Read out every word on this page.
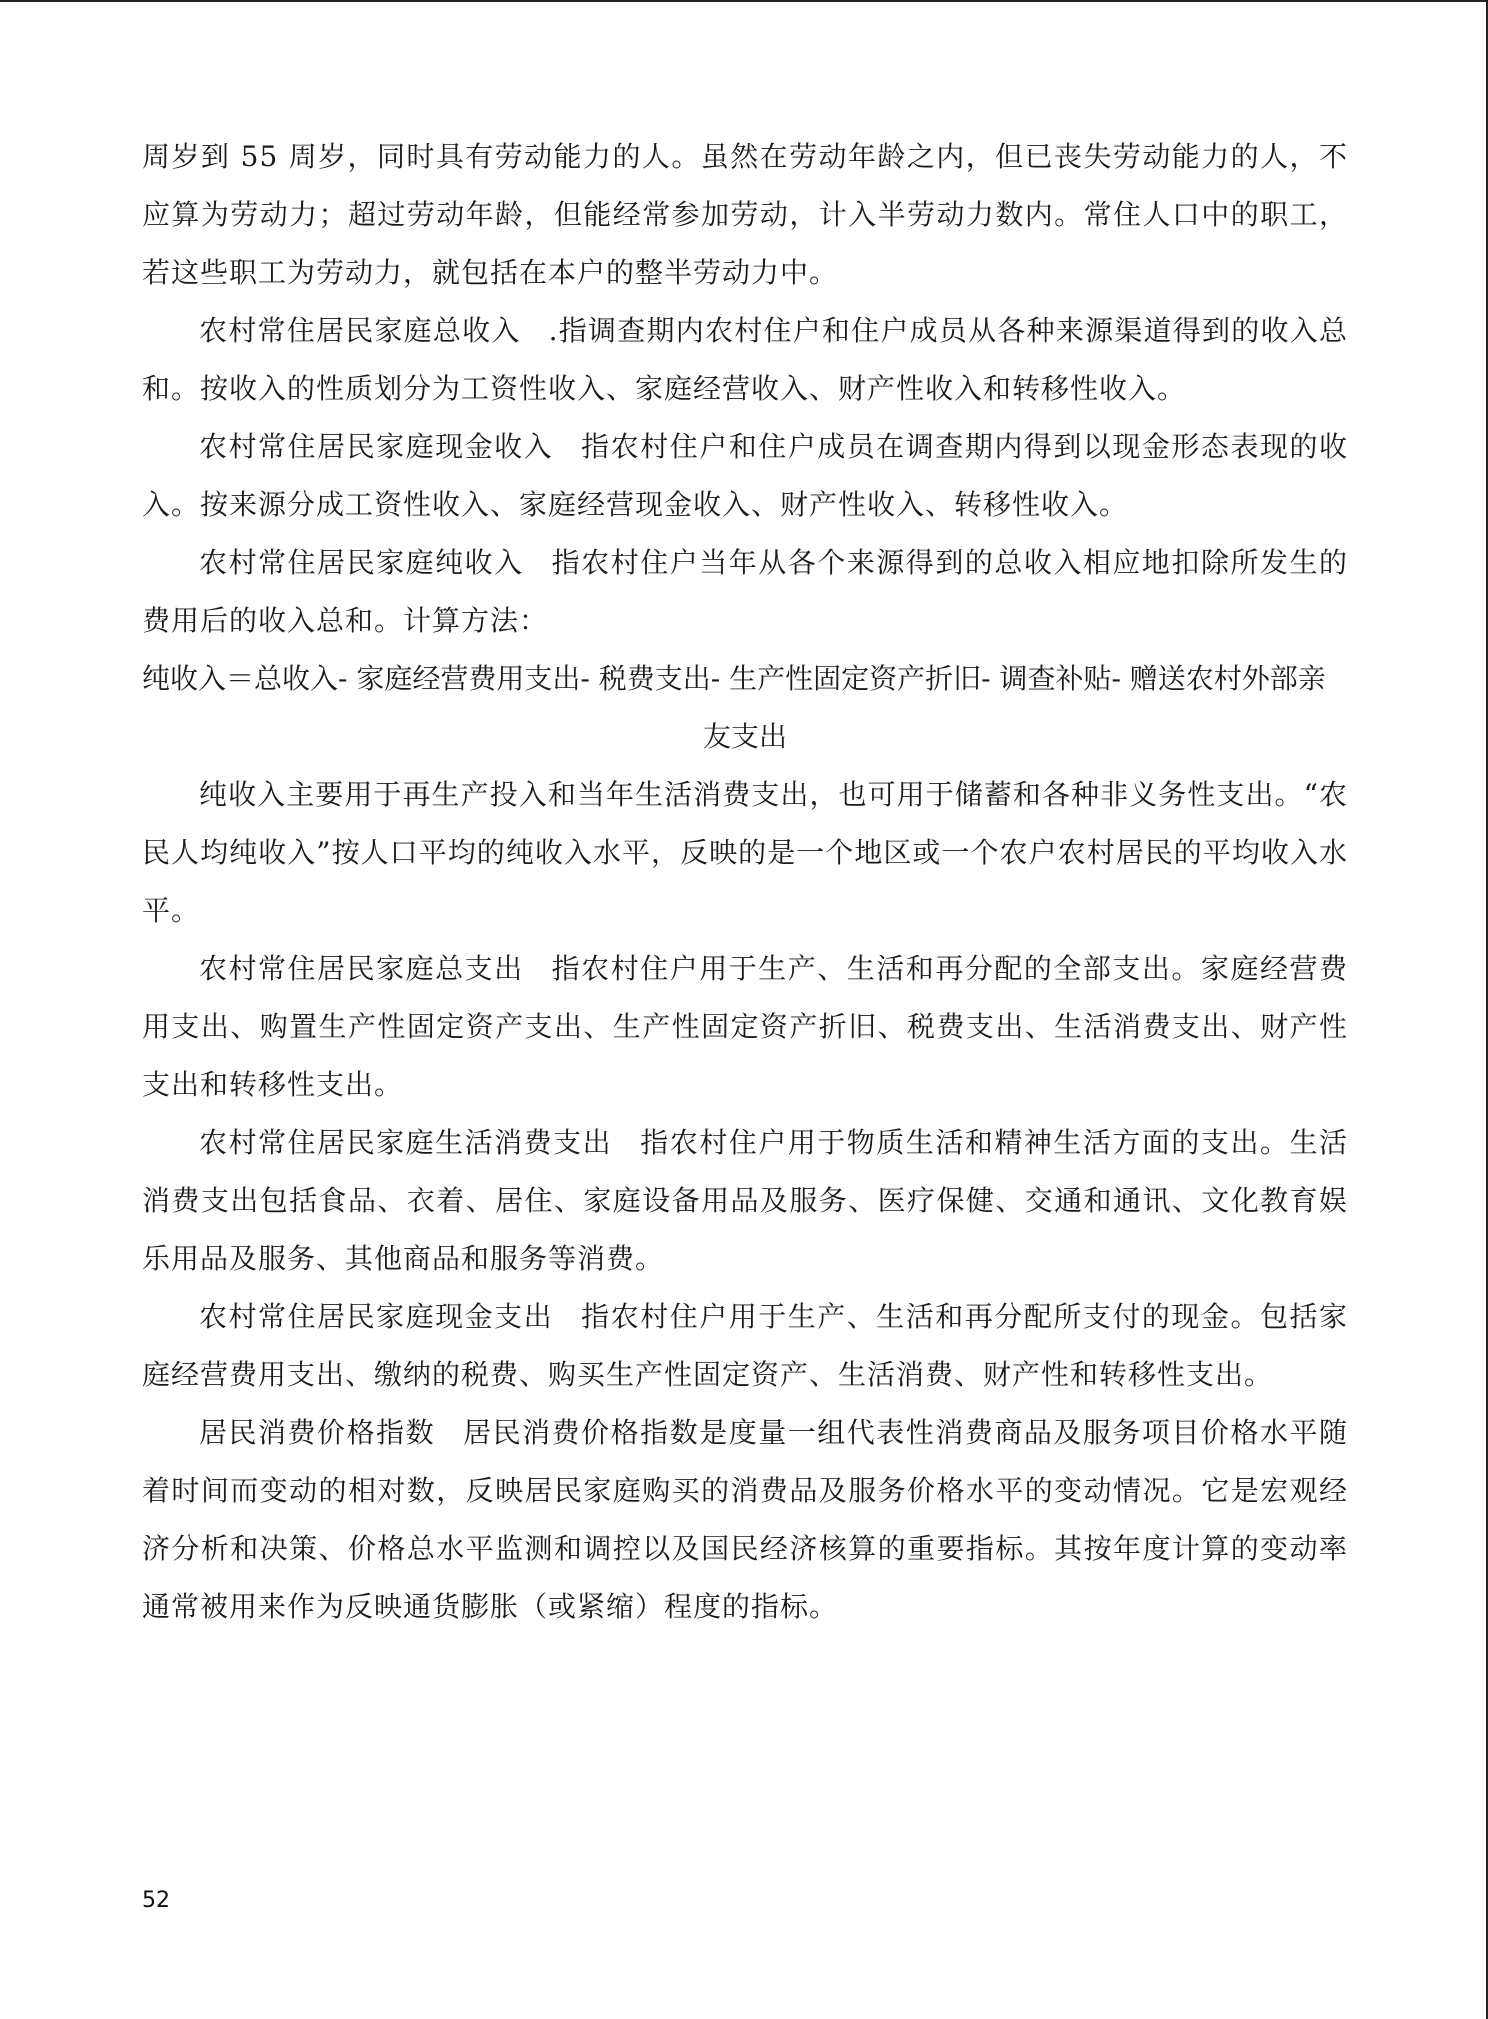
周岁到 55 周岁，同时具有劳动能力的人。虽然在劳动年龄之内，但已丧失劳动能力的人，不应算为劳动力；超过劳动年龄，但能经常参加劳动，计入半劳动力数内。常住人口中的职工，若这些职工为劳动力，就包括在本户的整半劳动力中。

农村常住居民家庭总收入 .指调查期内农村住户和住户成员从各种来源渠道得到的收入总和。按收入的性质划分为工资性收入、家庭经营收入、财产性收入和转移性收入。

农村常住居民家庭现金收入 指农村住户和住户成员在调查期内得到以现金形态表现的收入。按来源分成工资性收入、家庭经营现金收入、财产性收入、转移性收入。

农村常住居民家庭纯收入 指农村住户当年从各个来源得到的总收入相应地扣除所发生的费用后的收入总和。计算方法：

纯收入＝总收入- 家庭经营费用支出- 税费支出- 生产性固定资产折旧- 调查补贴- 赠送农村外部亲

友支出

纯收入主要用于再生产投入和当年生活消费支出，也可用于储蓄和各种非义务性支出。“农民人均纯收入”按人口平均的纯收入水平，反映的是一个地区或一个农户农村居民的平均收入水平。

农村常住居民家庭总支出 指农村住户用于生产、生活和再分配的全部支出。家庭经营费用支出、购置生产性固定资产支出、生产性固定资产折旧、税费支出、生活消费支出、财产性支出和转移性支出。

农村常住居民家庭生活消费支出 指农村住户用于物质生活和精神生活方面的支出。生活消费支出包括食品、衣着、居住、家庭设备用品及服务、医疗保健、交通和通讯、文化教育娱乐用品及服务、其他商品和服务等消费。

农村常住居民家庭现金支出 指农村住户用于生产、生活和再分配所支付的现金。包括家庭经营费用支出、缴纳的税费、购买生产性固定资产、生活消费、财产性和转移性支出。

居民消费价格指数 居民消费价格指数是度量一组代表性消费商品及服务项目价格水平随着时间而变动的相对数，反映居民家庭购买的消费品及服务价格水平的变动情况。它是宏观经济分析和决策、价格总水平监测和调控以及国民经济核算的重要指标。其按年度计算的变动率通常被用来作为反映通货膨胀（或紧缩）程度的指标。

52
